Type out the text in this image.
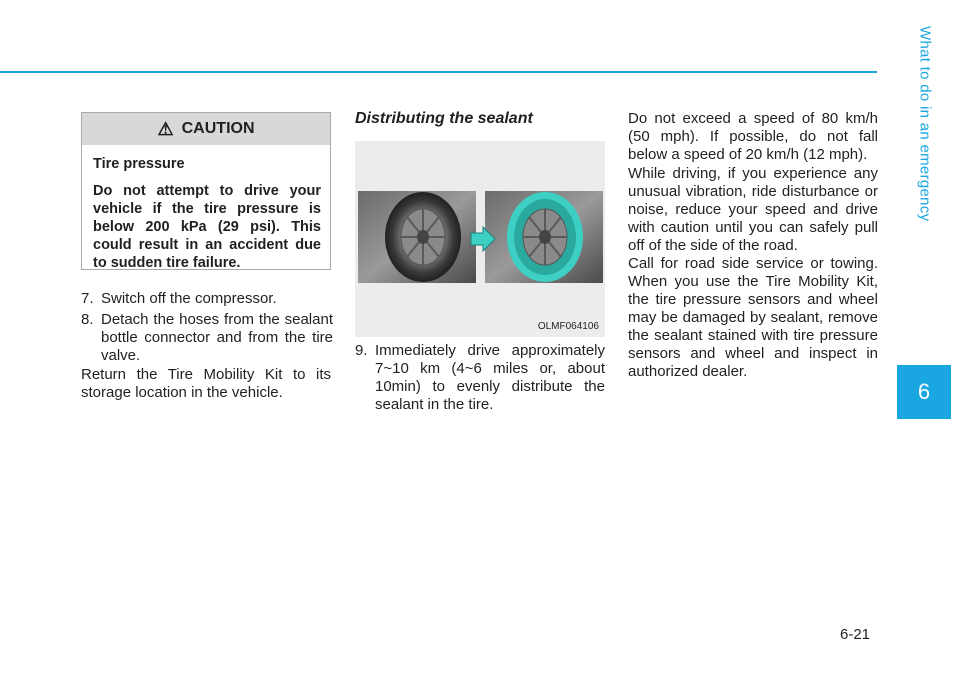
What to do in an emergency
6
⚠ CAUTION
Tire pressure
Do not attempt to drive your vehicle if the tire pressure is below 200 kPa (29 psi). This could result in an accident due to sudden tire failure.
7. Switch off the compressor.
8. Detach the hoses from the sealant bottle connector and from the tire valve.
Return the Tire Mobility Kit to its storage location in the vehicle.
Distributing the sealant
OLMF064106
9. Immediately drive approximately 7~10 km (4~6 miles or, about 10min) to evenly distribute the sealant in the tire.
Do not exceed a speed of 80 km/h (50 mph). If possible, do not fall below a speed of 20 km/h (12 mph).
While driving, if you experience any unusual vibration, ride disturbance or noise, reduce your speed and drive with caution until you can safely pull off of the side of the road.
Call for road side service or towing. When you use the Tire Mobility Kit, the tire pressure sensors and wheel may be damaged by sealant, remove the sealant stained with tire pressure sensors and wheel and inspect in authorized dealer.
6-21
